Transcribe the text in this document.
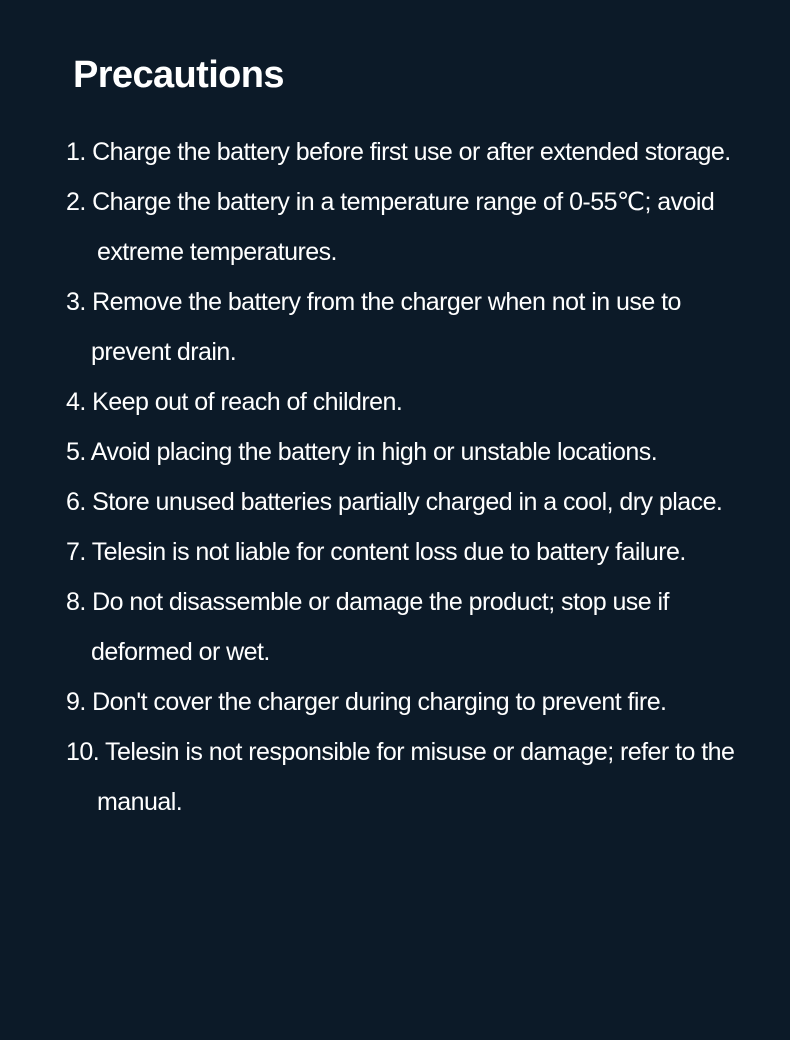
Precautions
1. Charge the battery before first use or after extended storage.
2. Charge the battery in a temperature range of 0-55℃; avoid
extreme temperatures.
3. Remove the battery from the charger when not in use to
prevent drain.
4. Keep out of reach of children.
5. Avoid placing the battery in high or unstable locations.
6. Store unused batteries partially charged in a cool, dry place.
7. Telesin is not liable for content loss due to battery failure.
8. Do not disassemble or damage the product; stop use if
deformed or wet.
9. Don't cover the charger during charging to prevent fire.
10. Telesin is not responsible for misuse or damage; refer to the
manual.
